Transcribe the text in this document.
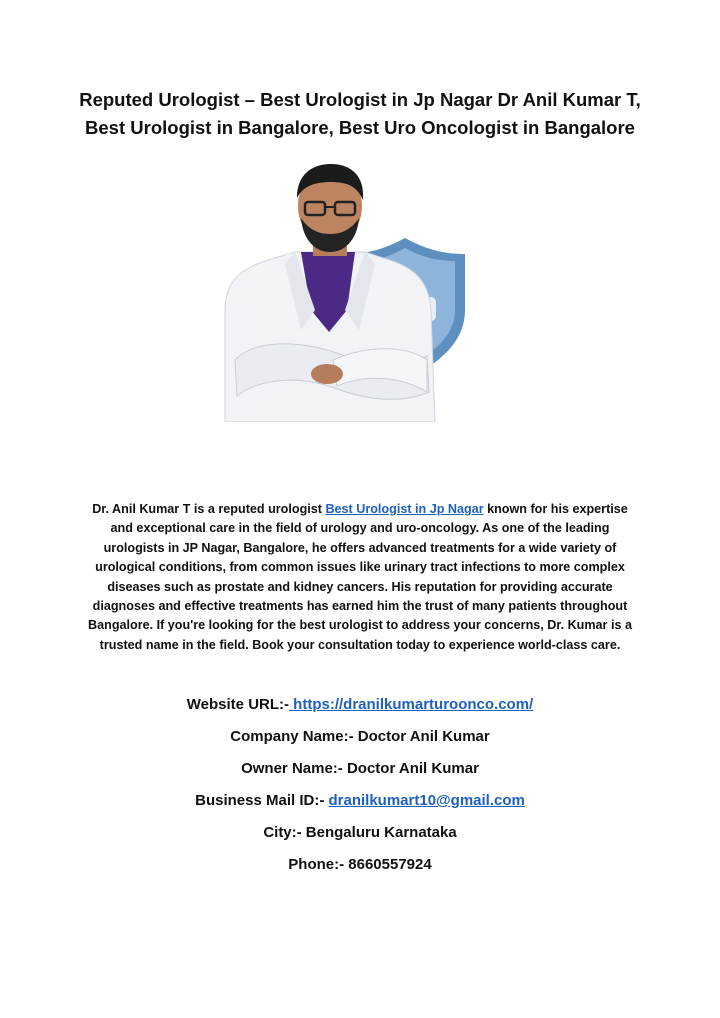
Reputed Urologist – Best Urologist in Jp Nagar Dr Anil Kumar T, Best Urologist in Bangalore, Best Uro Oncologist in Bangalore
Dr. Anil Kumar T is a reputed urologist Best Urologist in Jp Nagar known for his expertise and exceptional care in the field of urology and uro-oncology. As one of the leading urologists in JP Nagar, Bangalore, he offers advanced treatments for a wide variety of urological conditions, from common issues like urinary tract infections to more complex diseases such as prostate and kidney cancers. His reputation for providing accurate diagnoses and effective treatments has earned him the trust of many patients throughout Bangalore. If you're looking for the best urologist to address your concerns, Dr. Kumar is a trusted name in the field. Book your consultation today to experience world-class care.
Website URL:- https://dranilkumarturoonco.com/
Company Name:- Doctor Anil Kumar
Owner Name:- Doctor Anil Kumar
Business Mail ID:- dranilkumart10@gmail.com
City:- Bengaluru Karnataka
Phone:- 8660557924
